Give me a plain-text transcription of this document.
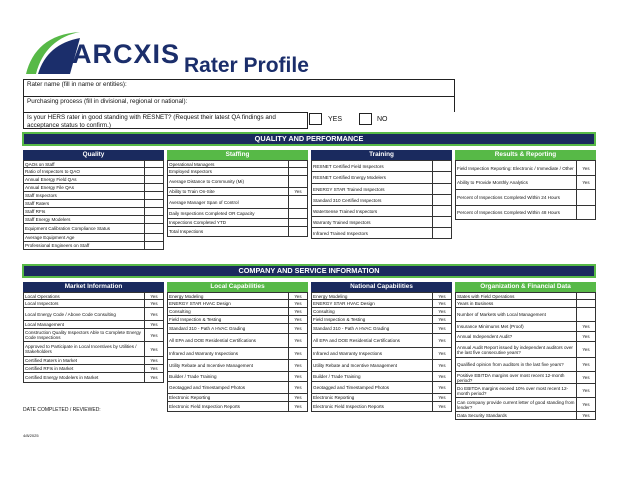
ARCXIS Rater Profile
Rater name (fill in name or entities):
Purchasing process (fill in divisional, regional or national):
Is your HERS rater in good standing with RESNET? (Request their latest QA findings and acceptance status to confirm.)
YES	NO
QUALITY AND PERFORMANCE
Quality
QAOs on Staff
Ratio of Inspectors to QAO
Annual Energy Field QAs
Annual Energy File QAs
Staff Inspectors
Staff Raters
Staff RFIs
Staff Energy Modelers
Equipment Calibration Compliance Status
Average Equipment Age
Professional Engineers on Staff
Staffing
Operational Managers
Employed Inspectors
Average Distance to Community (Mi)
Ability to Train On-Site	Yes
Average Manager Span of Control
Daily Inspections Completed OR Capacity
Inspections Completed YTD
Total Inspections
Training
RESNET Certified Field Inspectors
RESNET Certified Energy Modelers
ENERGY STAR Trained Inspectors
Standard 310 Certified Inspectors
WaterSense Trained Inspectors
Warranty Trained Inspectors
Infrared Trained Inspectors
Results & Reporting
Field Inspection Reporting: Electronic / Immediate / Other	Yes
Ability to Provide Monthly Analytics	Yes
Percent of Inspections Completed Within 24 Hours
Percent of Inspections Completed Within 48 Hours
COMPANY AND SERVICE INFORMATION
Market Information
Local Operations	Yes
Local Inspectors	Yes
Local Energy Code / Above Code Consulting	Yes
Local Management	Yes
Construction Quality Inspectors Able to Complete Energy Code Inspections	Yes
Approved to Participate in Local Incentives by Utilities / Stakeholders	Yes
Certified Raters in Market	Yes
Certified RFIs in Market	Yes
Certified Energy Modelers in Market	Yes
Local Capabilities
Energy Modeling	Yes
ENERGY STAR HVAC Design	Yes
Consulting	Yes
Field Inspection & Testing	Yes
Standard 310 - Path A HVAC Grading	Yes
All EPA and DOE Residential Certifications	Yes
Infrared and Warranty Inspections	Yes
Utility Rebate and Incentive Management	Yes
Builder / Trade Training	Yes
Geotagged and Timestamped Photos	Yes
Electronic Reporting	Yes
Electronic Field Inspection Reports	Yes
National Capabilities
Energy Modeling	Yes
ENERGY STAR HVAC Design	Yes
Consulting	Yes
Field Inspection & Testing	Yes
Standard 310 - Path A HVAC Grading	Yes
All EPA and DOE Residential Certifications	Yes
Infrared and Warranty Inspections	Yes
Utility Rebate and Incentive Management	Yes
Builder / Trade Training	Yes
Geotagged and Timestamped Photos	Yes
Electronic Reporting	Yes
Electronic Field Inspection Reports	Yes
Organization & Financial Data
States with Field Operations
Years in Business
Number of Markets with Local Management
Insurance Minimums Met (Proof)	Yes
Annual Independent Audit?	Yes
Annual Audit Report issued by independent auditors over the last five consecutive years?	Yes
Qualified opinion from auditors in the last five years?	Yes
Positive EBITDA margins over most recent 12-month period?	Yes
Do EBITDA margins exceed 10% over most recent 12-month period?	Yes
Can company provide current letter of good standing from lender?	Yes
Data Security Standards	Yes
DATE COMPLETED / REVIEWED:
4/8/2025
